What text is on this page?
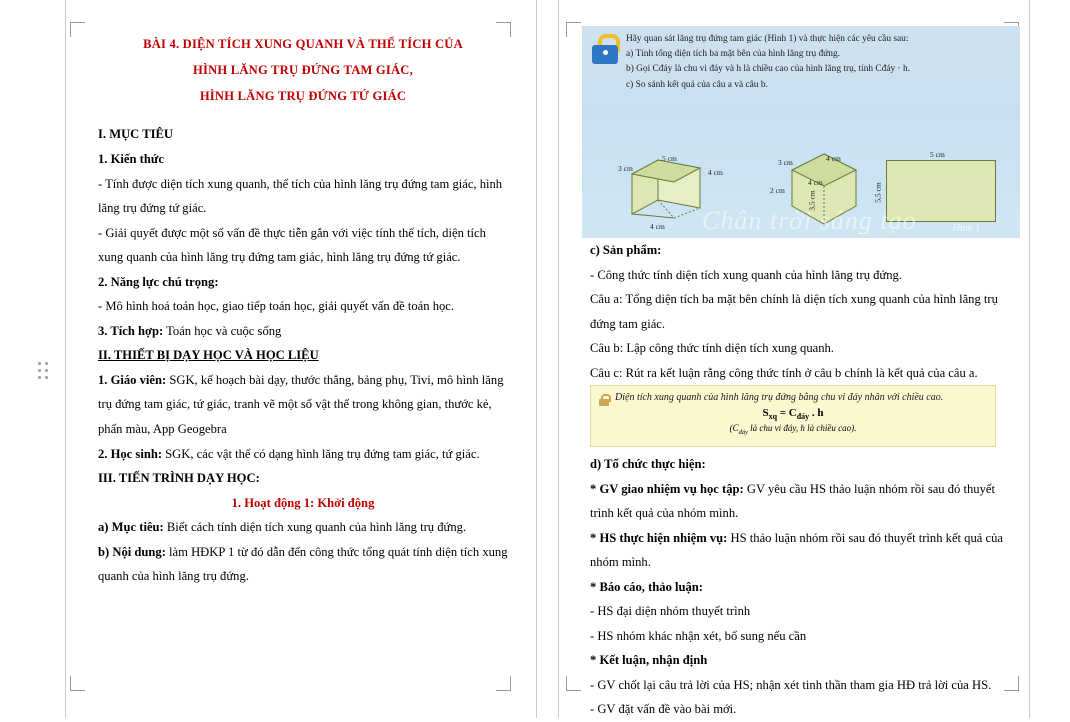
BÀI 4. DIỆN TÍCH XUNG QUANH VÀ THỂ TÍCH CỦA

HÌNH LĂNG TRỤ ĐỨNG TAM GIÁC,

HÌNH LĂNG TRỤ ĐỨNG TỨ GIÁC

I. MỤC TIÊU

1. Kiến thức

- Tính được diện tích xung quanh, thể tích của hình lăng trụ đứng tam giác, hình lăng trụ đứng tứ giác.

- Giải quyết được một số vấn đề thực tiễn gắn với việc tính thể tích, diện tích xung quanh của hình lăng trụ đứng tam giác, hình lăng trụ đứng tứ giác.

2. Năng lực chú trọng:

- Mô hình hoá toán học, giao tiếp toán học, giải quyết vấn đề toán học.

3. Tích hợp: Toán học và cuộc sống

II. THIẾT BỊ DẠY HỌC VÀ HỌC LIỆU

1. Giáo viên: SGK, kế hoạch bài dạy, thước thẳng, bảng phụ, Tivi, mô hình lăng trụ đứng tam giác, tứ giác, tranh vẽ một số vật thể trong không gian, thước kẻ, phấn màu, App Geogebra

2. Học sinh: SGK, các vật thể có dạng hình lăng trụ đứng tam giác, tứ giác.

III. TIẾN TRÌNH DẠY HỌC:

1. Hoạt động 1: Khởi động

a) Mục tiêu: Biết cách tính diện tích xung quanh của hình lăng trụ đứng.

b) Nội dung: làm HĐKP 1 từ đó dẫn đến công thức tổng quát tính diện tích xung quanh của hình lăng trụ đứng.

Hãy quan sát lăng trụ đứng tam giác (Hình 1) và thực hiện các yêu cầu sau:
a) Tính tổng diện tích ba mặt bên của hình lăng trụ đứng.
b) Gọi Cđáy là chu vi đáy và h là chiều cao của hình lăng trụ, tính Cđáy · h.
c) So sánh kết quả của câu a và câu b.
3 cm
5 cm
4 cm
4 cm
3 cm	4 cm
2 cm
4 cm
3,5 cm
5 cm
5,5 cm
Chân trời sáng tạo	Hình 1

c) Sản phẩm:

- Công thức tính diện tích xung quanh của hình lăng trụ đứng.

Câu a: Tổng diện tích ba mặt bên chính là diện tích xung quanh của hình lăng trụ đứng tam giác.

Câu b: Lập công thức tính diện tích xung quanh.

Câu c: Rút ra kết luận rằng công thức tính ở câu b chính là kết quả của câu a.

Diện tích xung quanh của hình lăng trụ đứng bằng chu vi đáy nhân với chiều cao.
$S_{xq} = C_{đáy}$ . h
($C_{đáy}$ là chu vi đáy, h là chiều cao).

d) Tổ chức thực hiện:

* GV giao nhiệm vụ học tập: GV yêu cầu HS thảo luận nhóm rồi sau đó thuyết trình kết quả của nhóm mình.

* HS thực hiện nhiệm vụ: HS thảo luận nhóm rồi sau đó thuyết trình kết quả của nhóm mình.

* Báo cáo, thảo luận:

- HS đại diện nhóm thuyết trình

- HS nhóm khác nhận xét, bổ sung nếu cần

* Kết luận, nhận định

- GV chốt lại câu trả lời của HS; nhận xét tinh thần tham gia HĐ trả lời của HS.

- GV đặt vấn đề vào bài mới.
